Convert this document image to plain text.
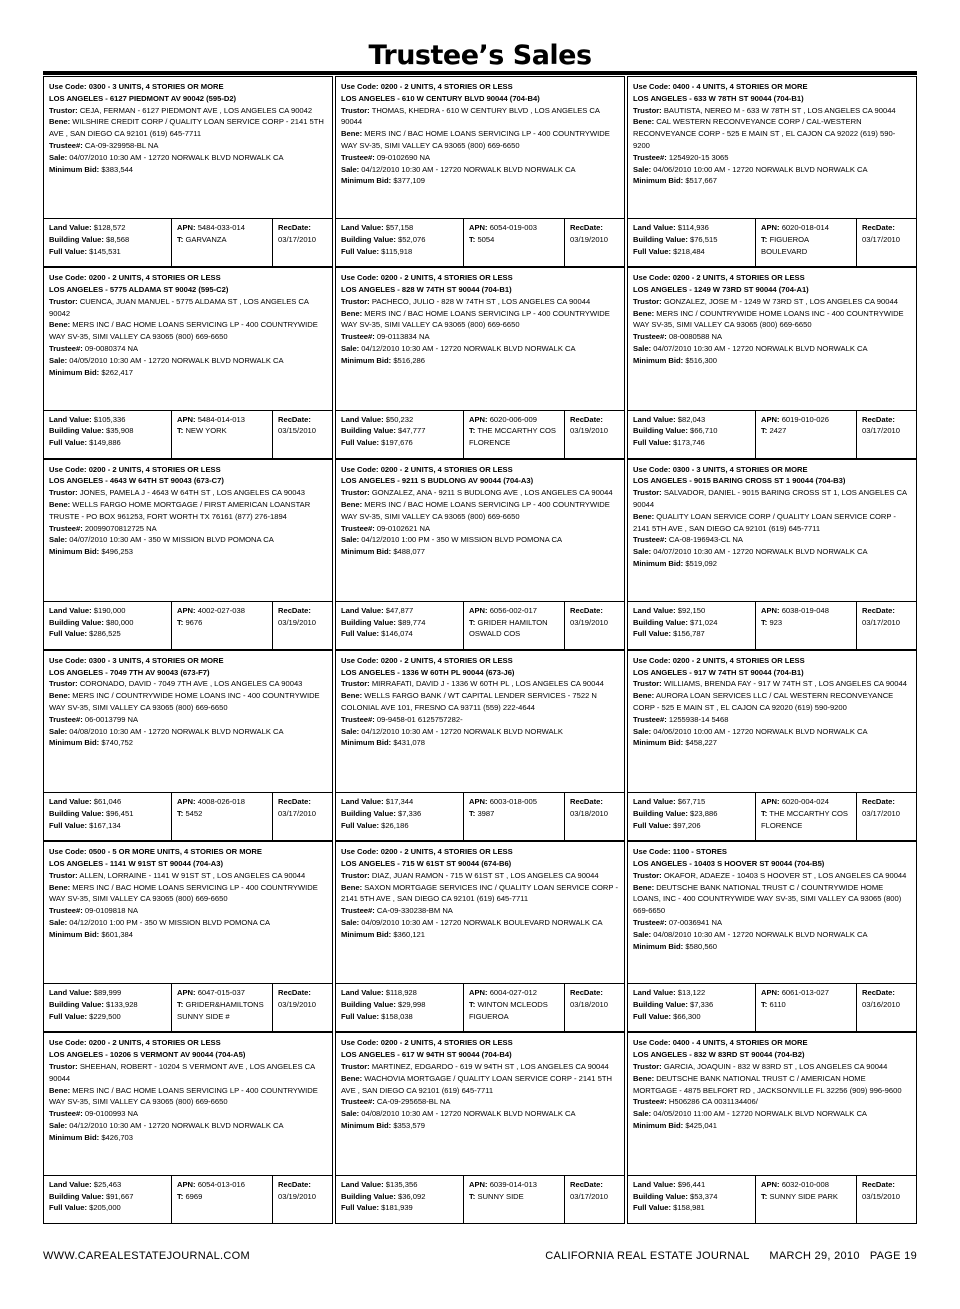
Trustee’s Sales
Use Code: 0300 - 3 UNITS, 4 STORIES OR MORE
LOS ANGELES - 6127 PIEDMONT AV 90042 (595-D2)
Trustor: CEJA, FERMAN - 6127 PIEDMONT AVE , LOS ANGELES CA 90042
Bene: WILSHIRE CREDIT CORP / QUALITY LOAN SERVICE CORP - 2141 5TH AVE , SAN DIEGO CA 92101 (619) 645-7711
Trustee#: CA-09-329958-BL NA
Sale: 04/07/2010 10:30 AM - 12720 NORWALK BLVD NORWALK CA
Minimum Bid: $383,544
Land Value: $128,572
Building Value: $8,568
Full Value: $145,531
APN: 5484-033-014
T: GARVANZA
RecDate:
03/17/2010
Use Code: 0200 - 2 UNITS, 4 STORIES OR LESS
LOS ANGELES - 610 W CENTURY BLVD 90044 (704-B4)
Trustor: THOMAS, KHEDRA - 610 W CENTURY BLVD , LOS ANGELES CA 90044
Bene: MERS INC / BAC HOME LOANS SERVICING LP - 400 COUNTRYWIDE WAY SV-35, SIMI VALLEY CA 93065 (800) 669-6650
Trustee#: 09-0102690 NA
Sale: 04/12/2010 10:30 AM - 12720 NORWALK BLVD NORWALK CA
Minimum Bid: $377,109
Land Value: $57,158
Building Value: $52,076
Full Value: $115,918
APN: 6054-019-003
T: 5054
RecDate:
03/19/2010
Use Code: 0400 - 4 UNITS, 4 STORIES OR MORE
LOS ANGELES - 633 W 78TH ST 90044 (704-B1)
Trustor: BAUTISTA, NEREO M - 633 W 78TH ST , LOS ANGELES CA 90044
Bene: CAL WESTERN RECONVEYANCE CORP / CAL-WESTERN RECONVEYANCE CORP - 525 E MAIN ST , EL CAJON CA 92022 (619) 590-9200
Trustee#: 1254920-15 3065
Sale: 04/06/2010 10:00 AM - 12720 NORWALK BLVD NORWALK CA
Minimum Bid: $517,667
Land Value: $114,936
Building Value: $76,515
Full Value: $218,484
APN: 6020-018-014
T: FIGUEROA BOULEVARD
RecDate:
03/17/2010
Use Code: 0200 - 2 UNITS, 4 STORIES OR LESS
LOS ANGELES - 5775 ALDAMA ST 90042 (595-C2)
Trustor: CUENCA, JUAN MANUEL - 5775 ALDAMA ST , LOS ANGELES CA 90042
Bene: MERS INC / BAC HOME LOANS SERVICING LP - 400 COUNTRYWIDE WAY SV-35, SIMI VALLEY CA 93065 (800) 669-6650
Trustee#: 09-0080374 NA
Sale: 04/05/2010 10:30 AM - 12720 NORWALK BLVD NORWALK CA
Minimum Bid: $262,417
Land Value: $105,336
Building Value: $35,908
Full Value: $149,886
APN: 5484-014-013
T: NEW YORK
RecDate:
03/15/2010
Use Code: 0200 - 2 UNITS, 4 STORIES OR LESS
LOS ANGELES - 828 W 74TH ST 90044 (704-B1)
Trustor: PACHECO, JULIO - 828 W 74TH ST , LOS ANGELES CA 90044
Bene: MERS INC / BAC HOME LOANS SERVICING LP - 400 COUNTRYWIDE WAY SV-35, SIMI VALLEY CA 93065 (800) 669-6650
Trustee#: 09-0113834 NA
Sale: 04/12/2010 10:30 AM - 12720 NORWALK BLVD NORWALK CA
Minimum Bid: $516,286
Land Value: $50,232
Building Value: $47,777
Full Value: $197,676
APN: 6020-006-009
T: THE MCCARTHY COS FLORENCE
RecDate:
03/19/2010
Use Code: 0200 - 2 UNITS, 4 STORIES OR LESS
LOS ANGELES - 1249 W 73RD ST 90044 (704-A1)
Trustor: GONZALEZ, JOSE M - 1249 W 73RD ST , LOS ANGELES CA 90044
Bene: MERS INC / COUNTRYWIDE HOME LOANS INC - 400 COUNTRYWIDE WAY SV-35, SIMI VALLEY CA 93065 (800) 669-6650
Trustee#: 08-0080588 NA
Sale: 04/07/2010 10:30 AM - 12720 NORWALK BLVD NORWALK CA
Minimum Bid: $516,300
Land Value: $82,043
Building Value: $66,710
Full Value: $173,746
APN: 6019-010-026
T: 2427
RecDate:
03/17/2010
Use Code: 0200 - 2 UNITS, 4 STORIES OR LESS
LOS ANGELES - 4643 W 64TH ST 90043 (673-C7)
Trustor: JONES, PAMELA J - 4643 W 64TH ST , LOS ANGELES CA 90043
Bene: WELLS FARGO HOME MORTGAGE / FIRST AMERICAN LOANSTAR TRUSTE - PO BOX 961253, FORT WORTH TX 76161 (877) 276-1894
Trustee#: 20099070812725 NA
Sale: 04/07/2010 10:30 AM - 350 W MISSION BLVD POMONA CA
Minimum Bid: $496,253
Land Value: $190,000
Building Value: $80,000
Full Value: $286,525
APN: 4002-027-038
T: 9676
RecDate:
03/19/2010
Use Code: 0200 - 2 UNITS, 4 STORIES OR LESS
LOS ANGELES - 9211 S BUDLONG AV 90044 (704-A3)
Trustor: GONZALEZ, ANA - 9211 S BUDLONG AVE , LOS ANGELES CA 90044
Bene: MERS INC / BAC HOME LOANS SERVICING LP - 400 COUNTRYWIDE WAY SV-35, SIMI VALLEY CA 93065 (800) 669-6650
Trustee#: 09-0102621 NA
Sale: 04/12/2010 1:00 PM - 350 W MISSION BLVD POMONA CA
Minimum Bid: $488,077
Land Value: $47,877
Building Value: $89,774
Full Value: $146,074
APN: 6056-002-017
T: GRIDER HAMILTON OSWALD COS
RecDate:
03/19/2010
Use Code: 0300 - 3 UNITS, 4 STORIES OR MORE
LOS ANGELES - 9015 BARING CROSS ST 1 90044 (704-B3)
Trustor: SALVADOR, DANIEL - 9015 BARING CROSS ST 1, LOS ANGELES CA 90044
Bene: QUALITY LOAN SERVICE CORP / QUALITY LOAN SERVICE CORP - 2141 5TH AVE , SAN DIEGO CA 92101 (619) 645-7711
Trustee#: CA-08-196943-CL NA
Sale: 04/07/2010 10:30 AM - 12720 NORWALK BLVD NORWALK CA
Minimum Bid: $519,092
Land Value: $92,150
Building Value: $71,024
Full Value: $156,787
APN: 6038-019-048
T: 923
RecDate:
03/17/2010
Use Code: 0300 - 3 UNITS, 4 STORIES OR MORE
LOS ANGELES - 7049 7TH AV 90043 (673-F7)
Trustor: CORONADO, DAVID - 7049 7TH AVE , LOS ANGELES CA 90043
Bene: MERS INC / COUNTRYWIDE HOME LOANS INC - 400 COUNTRYWIDE WAY SV-35, SIMI VALLEY CA 93065 (800) 669-6650
Trustee#: 06-0013799 NA
Sale: 04/08/2010 10:30 AM - 12720 NORWALK BLVD NORWALK CA
Minimum Bid: $740,752
Land Value: $61,046
Building Value: $96,451
Full Value: $167,134
APN: 4008-026-018
T: 5452
RecDate:
03/17/2010
Use Code: 0200 - 2 UNITS, 4 STORIES OR LESS
LOS ANGELES - 1336 W 60TH PL 90044 (673-J6)
Trustor: MIRRAFATI, DAVID J - 1336 W 60TH PL , LOS ANGELES CA 90044
Bene: WELLS FARGO BANK / WT CAPITAL LENDER SERVICES - 7522 N COLONIAL AVE 101, FRESNO CA 93711 (559) 222-4644
Trustee#: 09-9458-01 6125757282-
Sale: 04/12/2010 10:30 AM - 12720 NORWALK BLVD NORWALK
Minimum Bid: $431,078
Land Value: $17,344
Building Value: $7,336
Full Value: $26,186
APN: 6003-018-005
T: 3987
RecDate:
03/18/2010
Use Code: 0200 - 2 UNITS, 4 STORIES OR LESS
LOS ANGELES - 917 W 74TH ST 90044 (704-B1)
Trustor: WILLIAMS, BRENDA FAY - 917 W 74TH ST , LOS ANGELES CA 90044
Bene: AURORA LOAN SERVICES LLC / CAL WESTERN RECONVEYANCE CORP - 525 E MAIN ST , EL CAJON CA 92020 (619) 590-9200
Trustee#: 1255938-14 5468
Sale: 04/06/2010 10:00 AM - 12720 NORWALK BLVD NORWALK CA
Minimum Bid: $458,227
Land Value: $67,715
Building Value: $23,886
Full Value: $97,206
APN: 6020-004-024
T: THE MCCARTHY COS FLORENCE
RecDate:
03/17/2010
Use Code: 0500 - 5 OR MORE UNITS, 4 STORIES OR MORE
LOS ANGELES - 1141 W 91ST ST 90044 (704-A3)
Trustor: ALLEN, LORRAINE - 1141 W 91ST ST , LOS ANGELES CA 90044
Bene: MERS INC / BAC HOME LOANS SERVICING LP - 400 COUNTRYWIDE WAY SV-35, SIMI VALLEY CA 93065 (800) 669-6650
Trustee#: 09-0109818 NA
Sale: 04/12/2010 1:00 PM - 350 W MISSION BLVD POMONA CA
Minimum Bid: $601,384
Land Value: $89,999
Building Value: $133,928
Full Value: $229,500
APN: 6047-015-037
T: GRIDER&HAMILTONS SUNNY SIDE #
RecDate:
03/19/2010
Use Code: 0200 - 2 UNITS, 4 STORIES OR LESS
LOS ANGELES - 715 W 61ST ST 90044 (674-B6)
Trustor: DIAZ, JUAN RAMON - 715 W 61ST ST , LOS ANGELES CA 90044
Bene: SAXON MORTGAGE SERVICES INC / QUALITY LOAN SERVICE CORP - 2141 5TH AVE , SAN DIEGO CA 92101 (619) 645-7711
Trustee#: CA-09-330238-BM NA
Sale: 04/09/2010 10:30 AM - 12720 NORWALK BOULEVARD NORWALK CA
Minimum Bid: $360,121
Land Value: $118,928
Building Value: $29,998
Full Value: $158,038
APN: 6004-027-012
T: WINTON MCLEODS FIGUEROA
RecDate:
03/18/2010
Use Code: 1100 - STORES
LOS ANGELES - 10403 S HOOVER ST 90044 (704-B5)
Trustor: OKAFOR, ADAEZE - 10403 S HOOVER ST , LOS ANGELES CA 90044
Bene: DEUTSCHE BANK NATIONAL TRUST C / COUNTRYWIDE HOME LOANS, INC - 400 COUNTRYWIDE WAY SV-35, SIMI VALLEY CA 93065 (800) 669-6650
Trustee#: 07-0036941 NA
Sale: 04/08/2010 10:30 AM - 12720 NORWALK BLVD NORWALK CA
Minimum Bid: $580,560
Land Value: $13,122
Building Value: $7,336
Full Value: $66,300
APN: 6061-013-027
T: 6110
RecDate:
03/16/2010
Use Code: 0200 - 2 UNITS, 4 STORIES OR LESS
LOS ANGELES - 10206 S VERMONT AV 90044 (704-A5)
Trustor: SHEEHAN, ROBERT - 10204 S VERMONT AVE , LOS ANGELES CA 90044
Bene: MERS INC / BAC HOME LOANS SERVICING LP - 400 COUNTRYWIDE WAY SV-35, SIMI VALLEY CA 93065 (800) 669-6650
Trustee#: 09-0100993 NA
Sale: 04/12/2010 10:30 AM - 12720 NORWALK BLVD NORWALK CA
Minimum Bid: $426,703
Land Value: $25,463
Building Value: $91,667
Full Value: $205,000
APN: 6054-013-016
T: 6969
RecDate:
03/19/2010
Use Code: 0200 - 2 UNITS, 4 STORIES OR LESS
LOS ANGELES - 617 W 94TH ST 90044 (704-B4)
Trustor: MARTINEZ, EDGARDO - 619 W 94TH ST , LOS ANGELES CA 90044
Bene: WACHOVIA MORTGAGE / QUALITY LOAN SERVICE CORP - 2141 5TH AVE , SAN DIEGO CA 92101 (619) 645-7711
Trustee#: CA-09-295658-BL NA
Sale: 04/08/2010 10:30 AM - 12720 NORWALK BLVD NORWALK CA
Minimum Bid: $353,579
Land Value: $135,356
Building Value: $36,092
Full Value: $181,939
APN: 6039-014-013
T: SUNNY SIDE
RecDate:
03/17/2010
Use Code: 0400 - 4 UNITS, 4 STORIES OR MORE
LOS ANGELES - 832 W 83RD ST 90044 (704-B2)
Trustor: GARCIA, JOAQUIN - 832 W 83RD ST , LOS ANGELES CA 90044
Bene: DEUTSCHE BANK NATIONAL TRUST C / AMERICAN HOME MORTGAGE - 4875 BELFORT RD , JACKSONVILLE FL 32256 (909) 996-9600
Trustee#: H506286 CA 0031134406/
Sale: 04/05/2010 11:00 AM - 12720 NORWALK BLVD NORWALK CA
Minimum Bid: $425,041
Land Value: $96,441
Building Value: $53,374
Full Value: $158,981
APN: 6032-010-008
T: SUNNY SIDE PARK
RecDate:
03/15/2010
WWW.CAREALESTATEJOURNAL.COM	CALIFORNIA REAL ESTATE JOURNAL MARCH 29, 2010 PAGE 19
